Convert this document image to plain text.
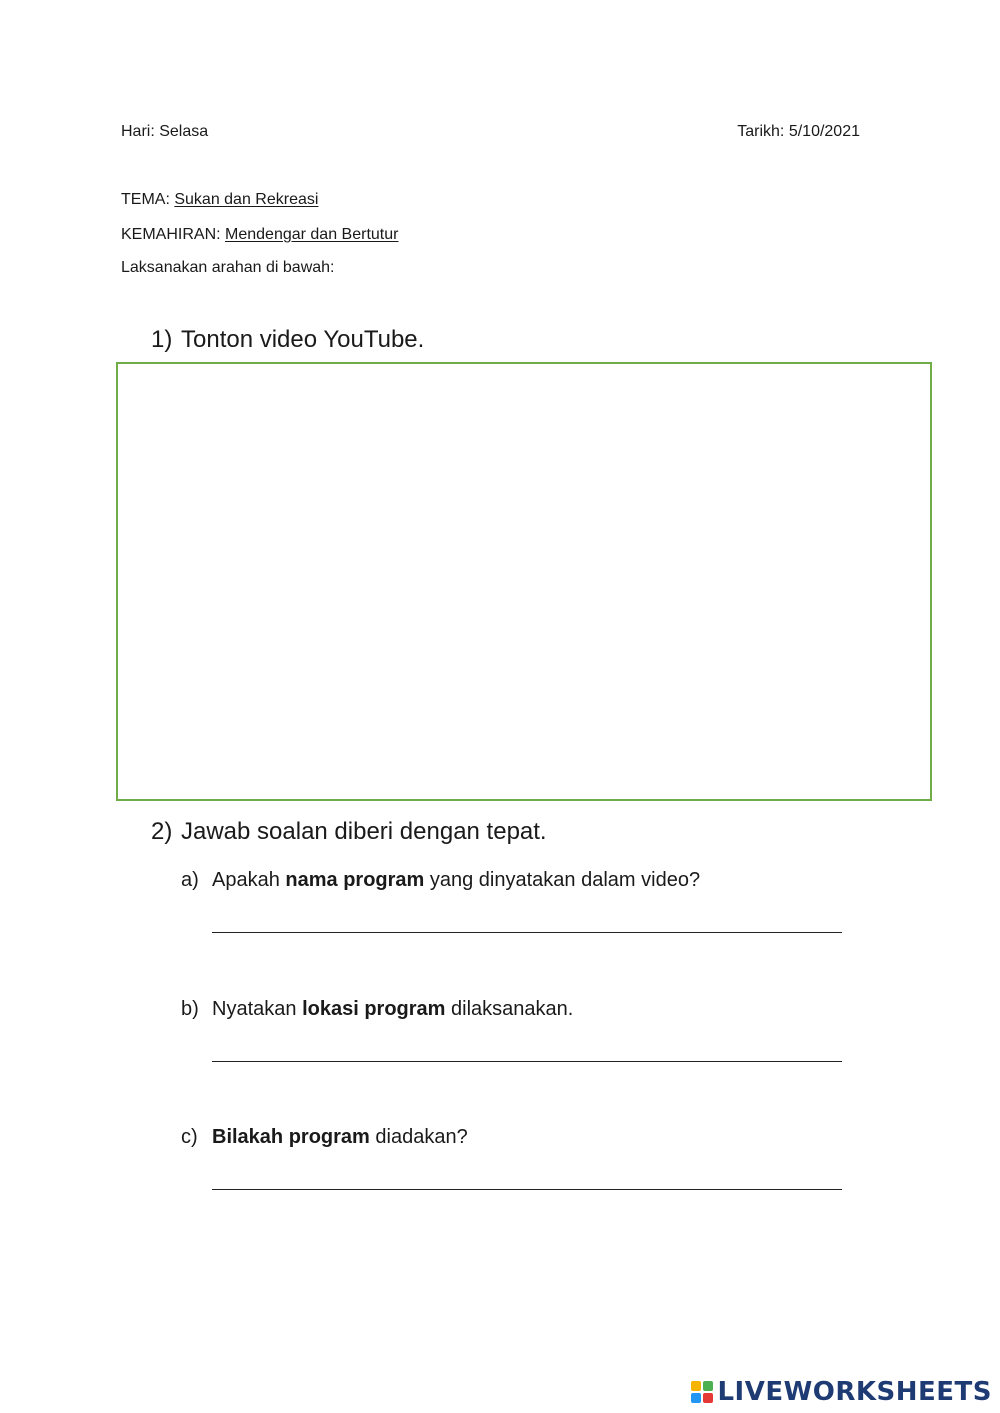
Hari: Selasa	Tarikh: 5/10/2021
TEMA: Sukan dan Rekreasi
KEMAHIRAN: Mendengar dan Bertutur
Laksanakan arahan di bawah:
1) Tonton video YouTube.
2) Jawab soalan diberi dengan tepat.
a) Apakah nama program yang dinyatakan dalam video?
b) Nyatakan lokasi program dilaksanakan.
c) Bilakah program diadakan?
LIVEWORKSHEETS
